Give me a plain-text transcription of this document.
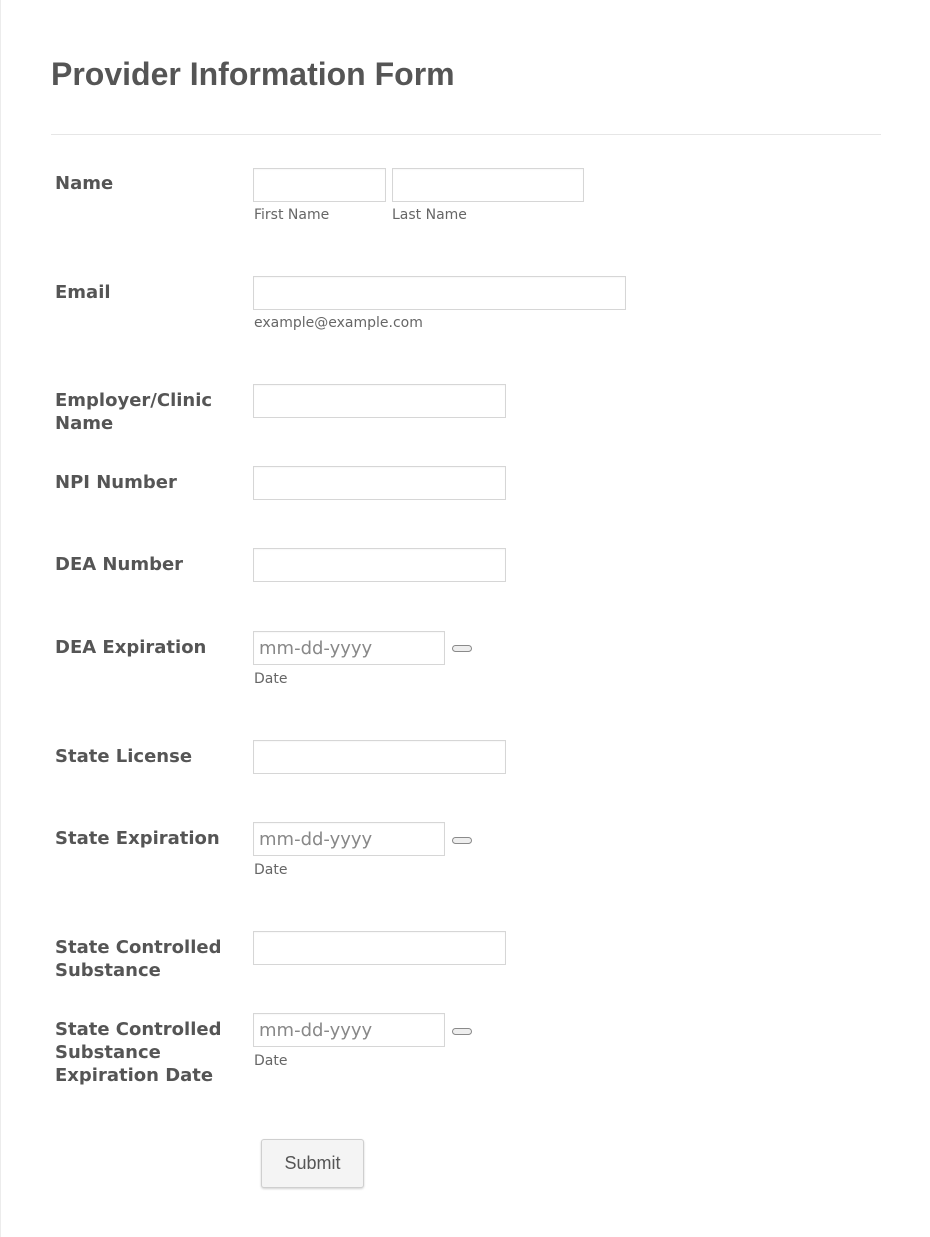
Provider Information Form
Name
First Name	Last Name
Email
example@example.com
Employer/Clinic
Name
NPI Number
DEA Number
DEA Expiration
mm-dd-yyyy
Date
State License
State Expiration
mm-dd-yyyy
Date
State Controlled
Substance
State Controlled
Substance
Expiration Date
mm-dd-yyyy
Date
Submit
